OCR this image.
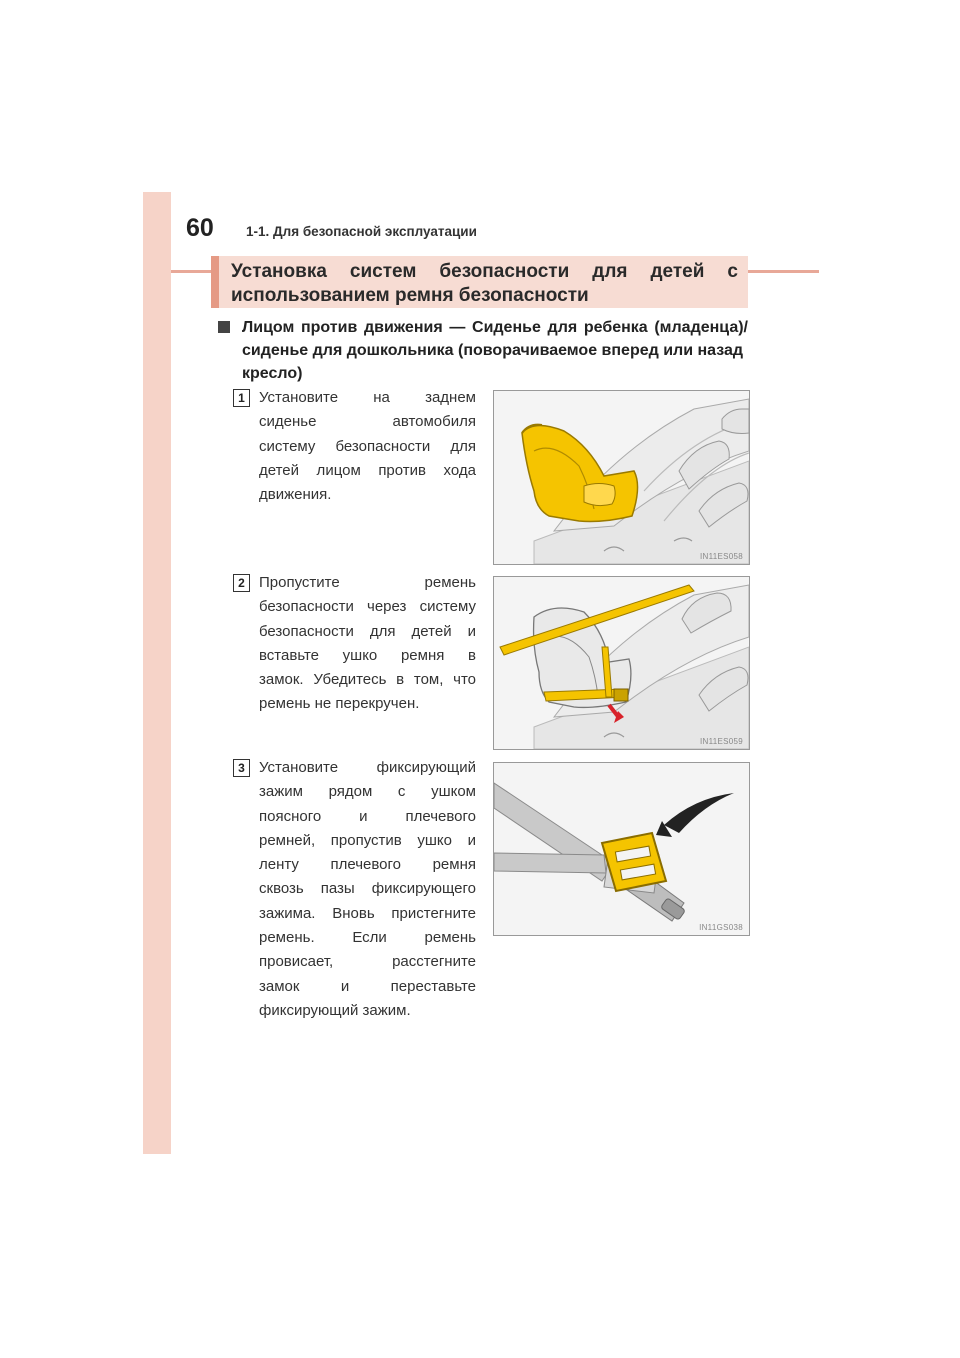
60 1-1. Для безопасной эксплуатации
Установка систем безопасности для детей с
использованием ремня безопасности
Лицом против движения — Сиденье для ребенка (младенца)/
сиденье для дошкольника (поворачиваемое вперед или назад
кресло)
1 Установите на заднем
сиденье автомобиля
систему безопасности для
детей лицом против хода
движения.
IN11ES058
2 Пропустите ремень
безопасности через систему
безопасности для детей и
вставьте ушко ремня в
замок. Убедитесь в том, что
ремень не перекручен.
IN11ES059
3 Установите фиксирующий
зажим рядом с ушком
поясного и плечевого
ремней, пропустив ушко и
ленту плечевого ремня
сквозь пазы фиксирующего
зажима. Вновь пристегните
ремень. Если ремень
провисает, расстегните
замок и переставьте
фиксирующий зажим.
IN11GS038
